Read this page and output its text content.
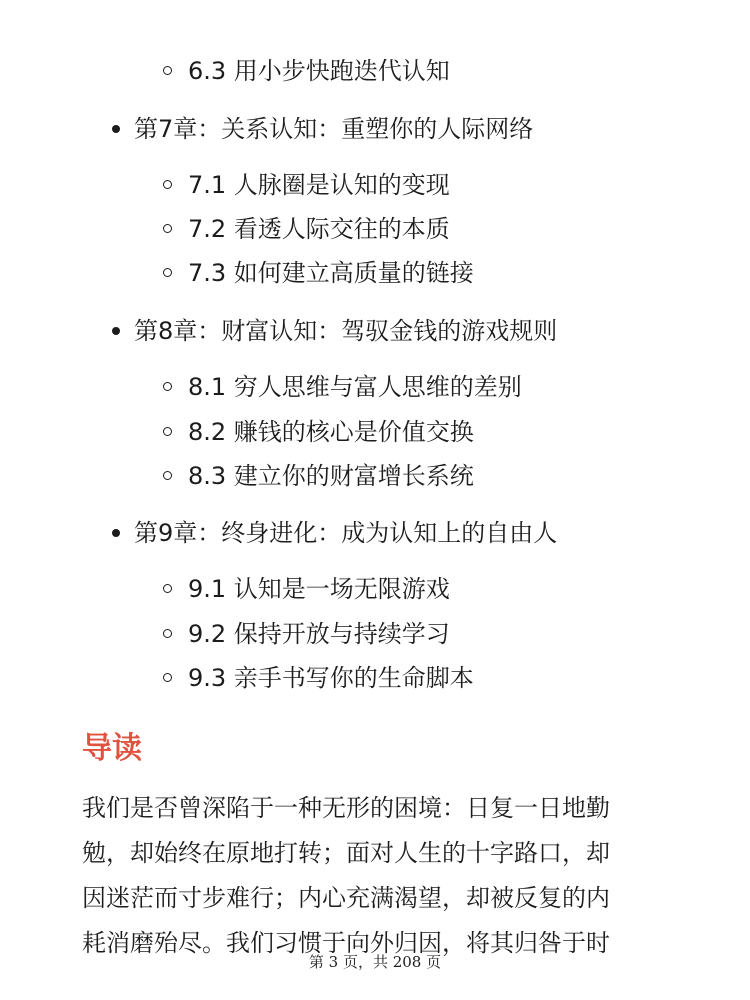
6.3 用小步快跑迭代认知
第7章：关系认知：重塑你的人际网络
7.1 人脉圈是认知的变现
7.2 看透人际交往的本质
7.3 如何建立高质量的链接
第8章：财富认知：驾驭金钱的游戏规则
8.1 穷人思维与富人思维的差别
8.2 赚钱的核心是价值交换
8.3 建立你的财富增长系统
第9章：终身进化：成为认知上的自由人
9.1 认知是一场无限游戏
9.2 保持开放与持续学习
9.3 亲手书写你的生命脚本
导读
我们是否曾深陷于一种无形的困境：日复一日地勤
勉，却始终在原地打转；面对人生的十字路口，却
因迷茫而寸步难行；内心充满渴望，却被反复的内
耗消磨殆尽。我们习惯于向外归因，将其归咎于时
第 3 页，共 208 页
